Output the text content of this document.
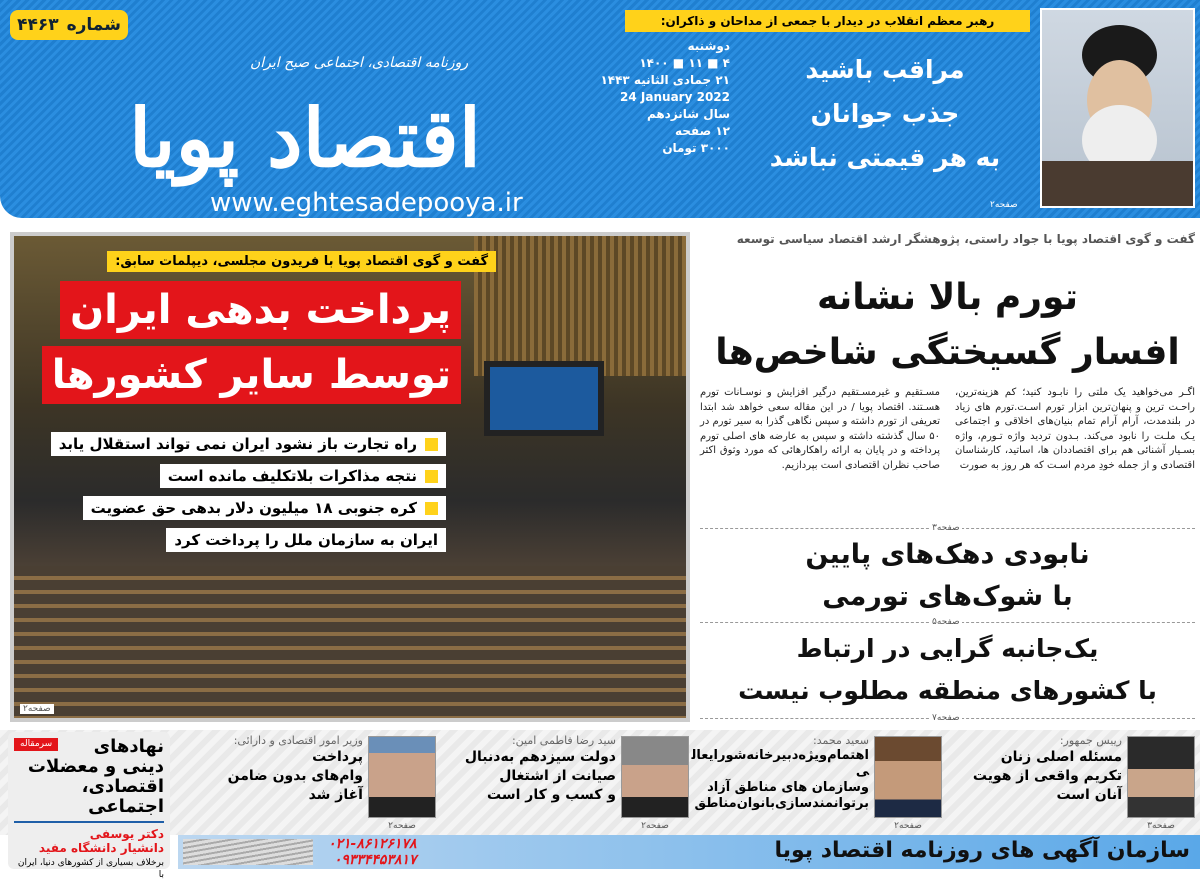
شماره
۴۴۶۳
روزنامه اقتصادی، اجتماعی صبح ایران
اقتصاد پویا
www.eghtesadepooya.ir
دوشنبه
۴ ■ ۱۱ ■ ۱۴۰۰
۲۱ جمادی الثانیه ۱۴۴۳
24 January 2022
سال شانزدهم
۱۲ صفحه
۳۰۰۰ تومان
رهبر معظم انقلاب در دیدار با جمعی از مداحان و ذاکران:
مراقب باشید
جذب جوانان
به هر قیمتی نباشد
صفحه۲
گفت و گوی اقتصاد پویا با فریدون مجلسی، دیپلمات سابق:
پرداخت بدهی ایران
توسط سایر کشورها
راه تجارت باز نشود ایران نمی تواند استقلال یابد
نتجه مذاکرات بلاتکلیف مانده است
کره جنوبی ۱۸ میلیون دلار بدهی حق عضویت
ایران به سازمان ملل را پرداخت کرد
صفحه۲
گفت و گوی اقتصاد پویا با جواد راستی، پژوهشگر ارشد اقتصاد سیاسی توسعه
تورم بالا نشانه
افسار گسیختگی شاخص‌ها
اگـر می‌خواهید یک ملتی را نابـود کنید؛ کم هزینه‌ترین، راحـت ترین و پنهان‌ترین ابزار تورم اسـت.تورم های زیاد در بلندمدت، آرام آرام تمام بنیان‌های اخلاقی و اجتماعی یـک ملـت را نابود می‌کند. بـدون تردید واژه تـورم، واژه بسـیار آشنائی هم برای اقتصاددان ها، اساتید، کارشناسان اقتصادی و از جمله خودِ مردم اسـت که هر روز به صورت
مسـتقیم و غیرمسـتقیم درگیر افزایش و نوسـانات تورم هسـتند. اقتصاد پویا / در این مقاله سعی خواهد شد ابتدا تعریفی از تورم داشته و سپس نگاهی گذرا به سیر تورم در ۵۰ سال گذشته داشته و سپس به عارضه های اصلی تورم پرداخته و در پایان به ارائه راهکارهائی که مورد وثوق اکثر صاحب نظران اقتصادی است بپردازیم.
صفحه۳
نابودی دهک‌های پایین
با شوک‌های تورمی
صفحه۵
یک‌جانبه گرایی در ارتباط
با کشورهای منطقه مطلوب نیست
صفحه۷
صفحه۳
رییس جمهور:
مسئله اصلی زنان
تکریم واقعی از هویت
آنان است
صفحه۲
سعید محمد:
اهتمام‌ویژه‌دبیرخانه‌شورایعالی
وسازمان های مناطق آزاد
برتوانمندسازی‌بانوان‌مناطق
صفحه۲
سید رضا فاطمی امین:
دولت سیزدهم به‌دنبال
صیانت از اشتغال
و کسب و کار است
صفحه۲
وزیر امور اقتصادی و دارائی:
پرداخت
وام‌های بدون ضامن
آغاز شد
سرمقاله	نهادهای
دینی و معضلات
اقتصادی، اجتماعی
دکتر یوسفی
دانشیار دانشگاه مفید
برخلاف بسیاری از کشورهای دنیا، ایران با
سازمان آگهی های روزنامه اقتصاد پویا
۰۲۱-۸۶۱۲۶۱۷۸
۰۹۳۳۴۴۵۳۸۱۷
